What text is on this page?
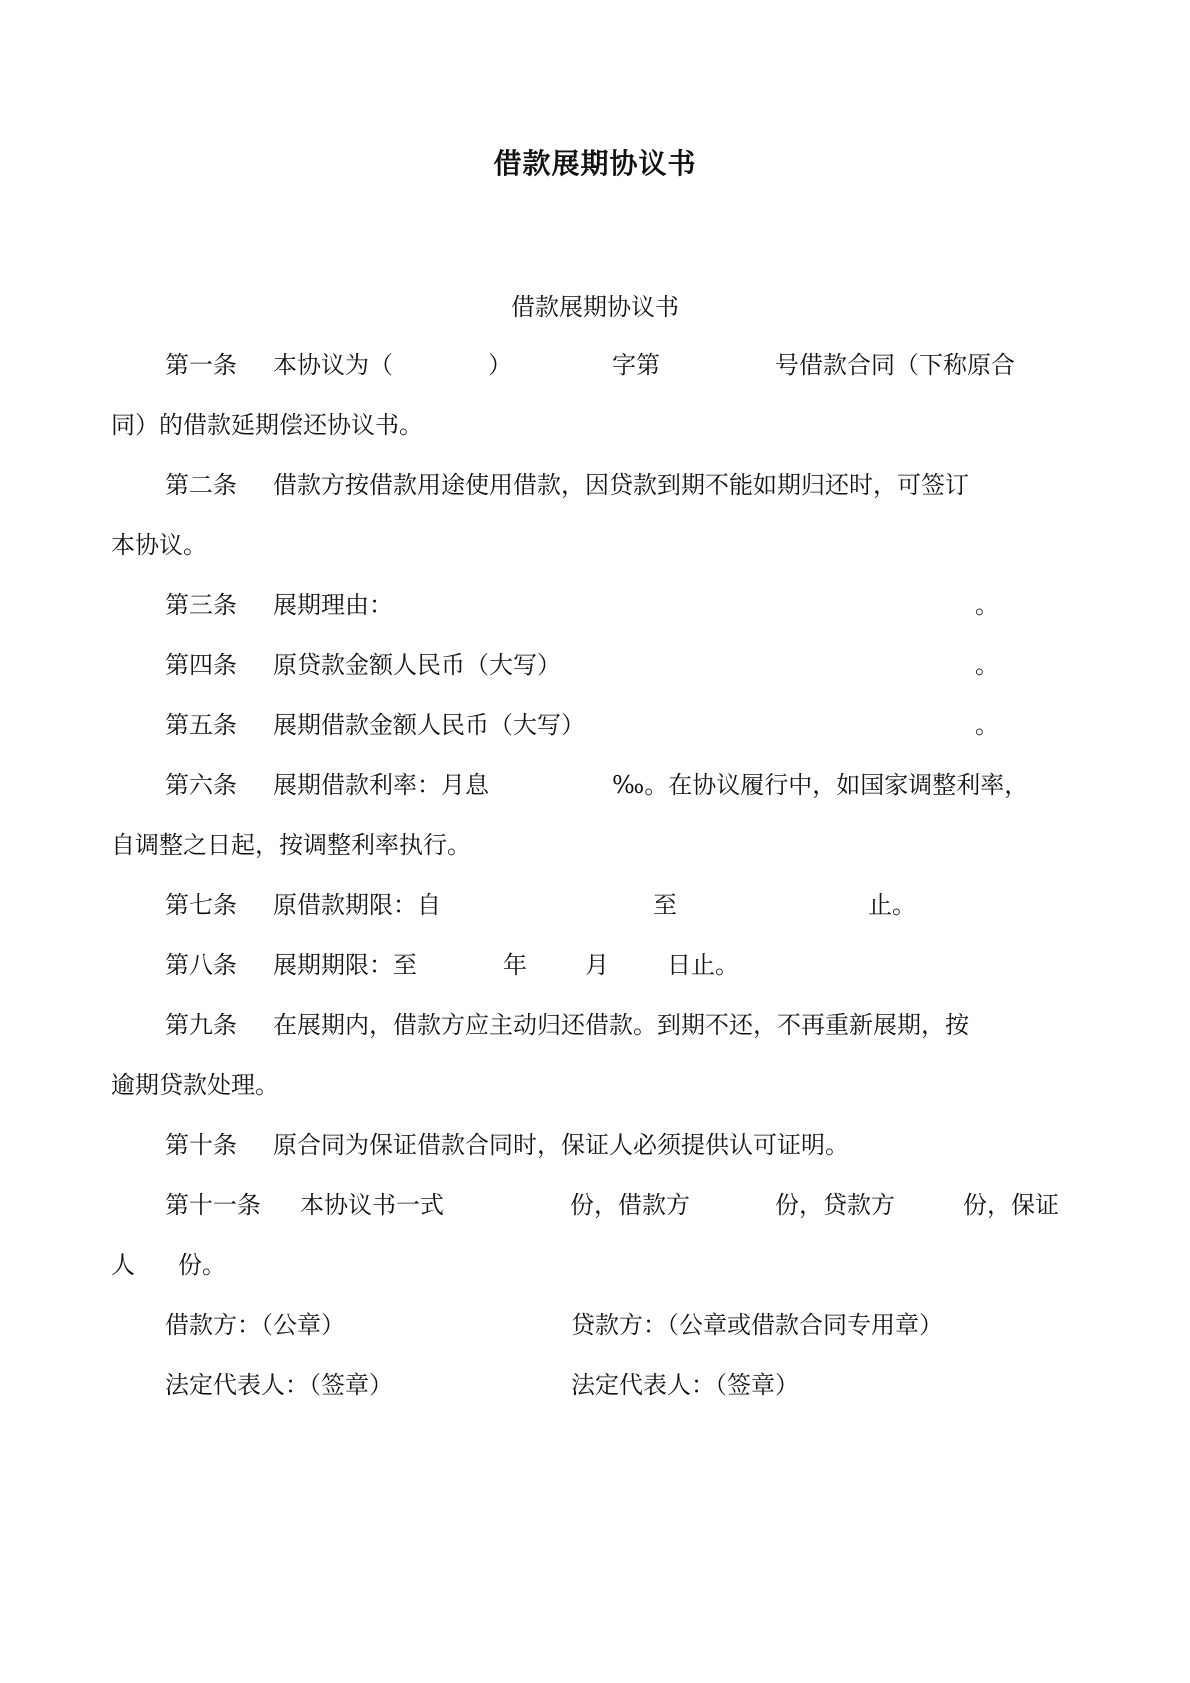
借款展期协议书
借款展期协议书
第一条 本协议为（	）	字第	号借款合同（下称原合
同）的借款延期偿还协议书。
第二条 借款方按借款用途使用借款，因贷款到期不能如期归还时，可签订
本协议。
第三条 展期理由：	。
第四条 原贷款金额人民币（大写）	。
第五条 展期借款金额人民币（大写）	。
第六条 展期借款利率：月息	‰。在协议履行中，如国家调整利率，
自调整之日起，按调整利率执行。
第七条 原借款期限：自	至	止。
第八条 展期期限：至	年 月 日止。
第九条 在展期内，借款方应主动归还借款。到期不还，不再重新展期，按
逾期贷款处理。
第十条 原合同为保证借款合同时，保证人必须提供认可证明。
第十一条 本协议书一式	份，借款方	份，贷款方	份，保证
人 份。
借款方：（公章）	贷款方：（公章或借款合同专用章）
法定代表人：（签章）	法定代表人：（签章）
